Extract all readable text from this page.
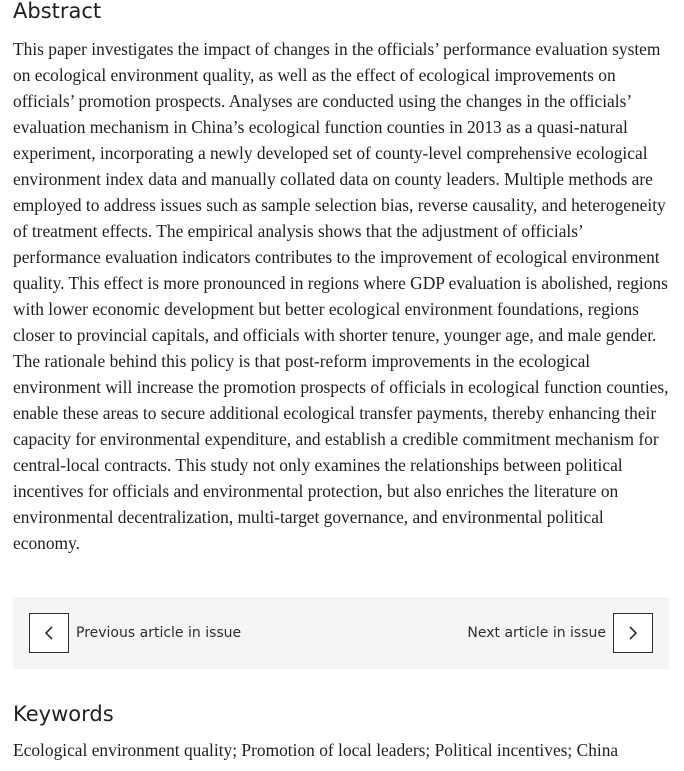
Abstract

This paper investigates the impact of changes in the officials’ performance evaluation system on ecological environment quality, as well as the effect of ecological improvements on officials’ promotion prospects. Analyses are conducted using the changes in the officials’ evaluation mechanism in China’s ecological function counties in 2013 as a quasi-natural experiment, incorporating a newly developed set of county-level comprehensive ecological environment index data and manually collated data on county leaders. Multiple methods are employed to address issues such as sample selection bias, reverse causality, and heterogeneity of treatment effects. The empirical analysis shows that the adjustment of officials’ performance evaluation indicators contributes to the improvement of ecological environment quality. This effect is more pronounced in regions where GDP evaluation is abolished, regions with lower economic development but better ecological environment foundations, regions closer to provincial capitals, and officials with shorter tenure, younger age, and male gender. The rationale behind this policy is that post-reform improvements in the ecological environment will increase the promotion prospects of officials in ecological function counties, enable these areas to secure additional ecological transfer payments, thereby enhancing their capacity for environmental expenditure, and establish a credible commitment mechanism for central-local contracts. This study not only examines the relationships between political incentives for officials and environmental protection, but also enriches the literature on environmental decentralization, multi-target governance, and environmental political economy.

Previous article in issue	Next article in issue
Keywords
Ecological environment quality; Promotion of local leaders; Political incentives; China
